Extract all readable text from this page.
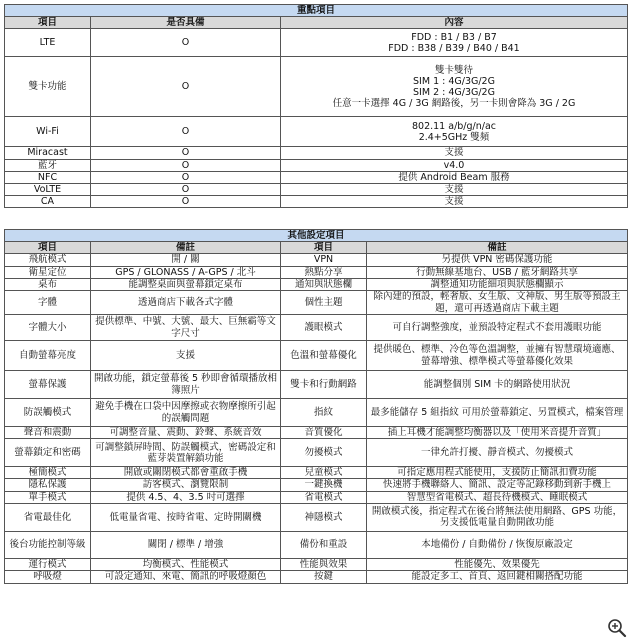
重點項目		
項目	是否具備	內容
LTE	O	FDD : B1 / B3 / B7
FDD : B38 / B39 / B40 / B41

雙卡功能	O	雙卡雙待
SIM 1 : 4G/3G/2G
SIM 2 : 4G/3G/2G
任意一卡選擇 4G / 3G 網路後，另一卡則會降為 3G / 2G

Wi-Fi	O	802.11 a/b/g/n/ac
2.4+5GHz 雙頻

Miracast	O	支援

藍牙	O	v4.0

NFC	O	提供 Android Beam 服務

VoLTE	O	支援

CA	O	支援
其他設定項目			
項目	備註	項目	備註
飛航模式	開 / 關	VPN	另提供 VPN 密碼保護功能
衛星定位	GPS / GLONASS / A-GPS / 北斗	熱點分享	行動無線基地台、USB / 藍牙網路共享
桌布	能調整桌面與螢幕鎖定桌布	通知與狀態欄	調整通知功能細項與狀態欄顯示
字體	透過商店下載各式字體	個性主題	除內建的預設，輕奢版、女生版、文神版、男生版等預設主題，還可再透過商店下載主題
字體大小	提供標準、中號、大號、最大、巨無霸等文字尺寸	護眼模式	可自行調整強度，並預設特定程式不套用護眼功能
自動螢幕亮度	支援	色溫和螢幕優化	提供暖色、標準、冷色等色溫調整，並擁有智慧環境適應、螢幕增強、標準模式等螢幕優化效果
螢幕保護	開啟功能，鎖定螢幕後 5 秒即會循環播放相簿照片	雙卡和行動網路	能調整個別 SIM 卡的網路使用狀況
防誤觸模式	避免手機在口袋中因摩擦或衣物摩擦所引起的誤觸問題	指紋	最多能儲存 5 組指紋 可用於螢幕鎖定、另置模式，檔案管理
聲音和震動	可調整音量、震動、鈴聲、系統音效	音質優化	插上耳機才能調整均衡器以及「使用米音提升音質」
螢幕鎖定和密碼	可調整鎖屏時間、防誤觸模式，密碼設定和藍芽裝置解鎖功能	勿擾模式	一律允許打擾、靜音模式、勿擾模式
極簡模式	開啟或關閉模式都會重啟手機	兒童模式	可指定應用程式能使用，支援防止簡訊扣費功能
隱私保護	訪客模式、瀏覽限制	一鍵換機	快速將手機聯絡人、簡訊、設定等記錄移動到新手機上
單手模式	提供 4.5、4、3.5 吋可選擇	省電模式	智慧型省電模式、超長待機模式、睡眠模式
省電最佳化	低電量省電、按時省電、定時開關機	神隱模式	開啟模式後，指定程式在後台將無法使用網路、GPS 功能，另支援低電量自動開啟功能
後台功能控制等級	關閉 / 標準 / 增強	備份和重設	本地備份 / 自動備份 / 恢復原廠設定
運行模式	均衡模式、性能模式	性能與效果	性能優先、效果優先
呼吸燈	可設定通知、來電、簡訊的呼吸燈顏色	按鍵	能設定多工、首頁、返回鍵相關搭配功能
